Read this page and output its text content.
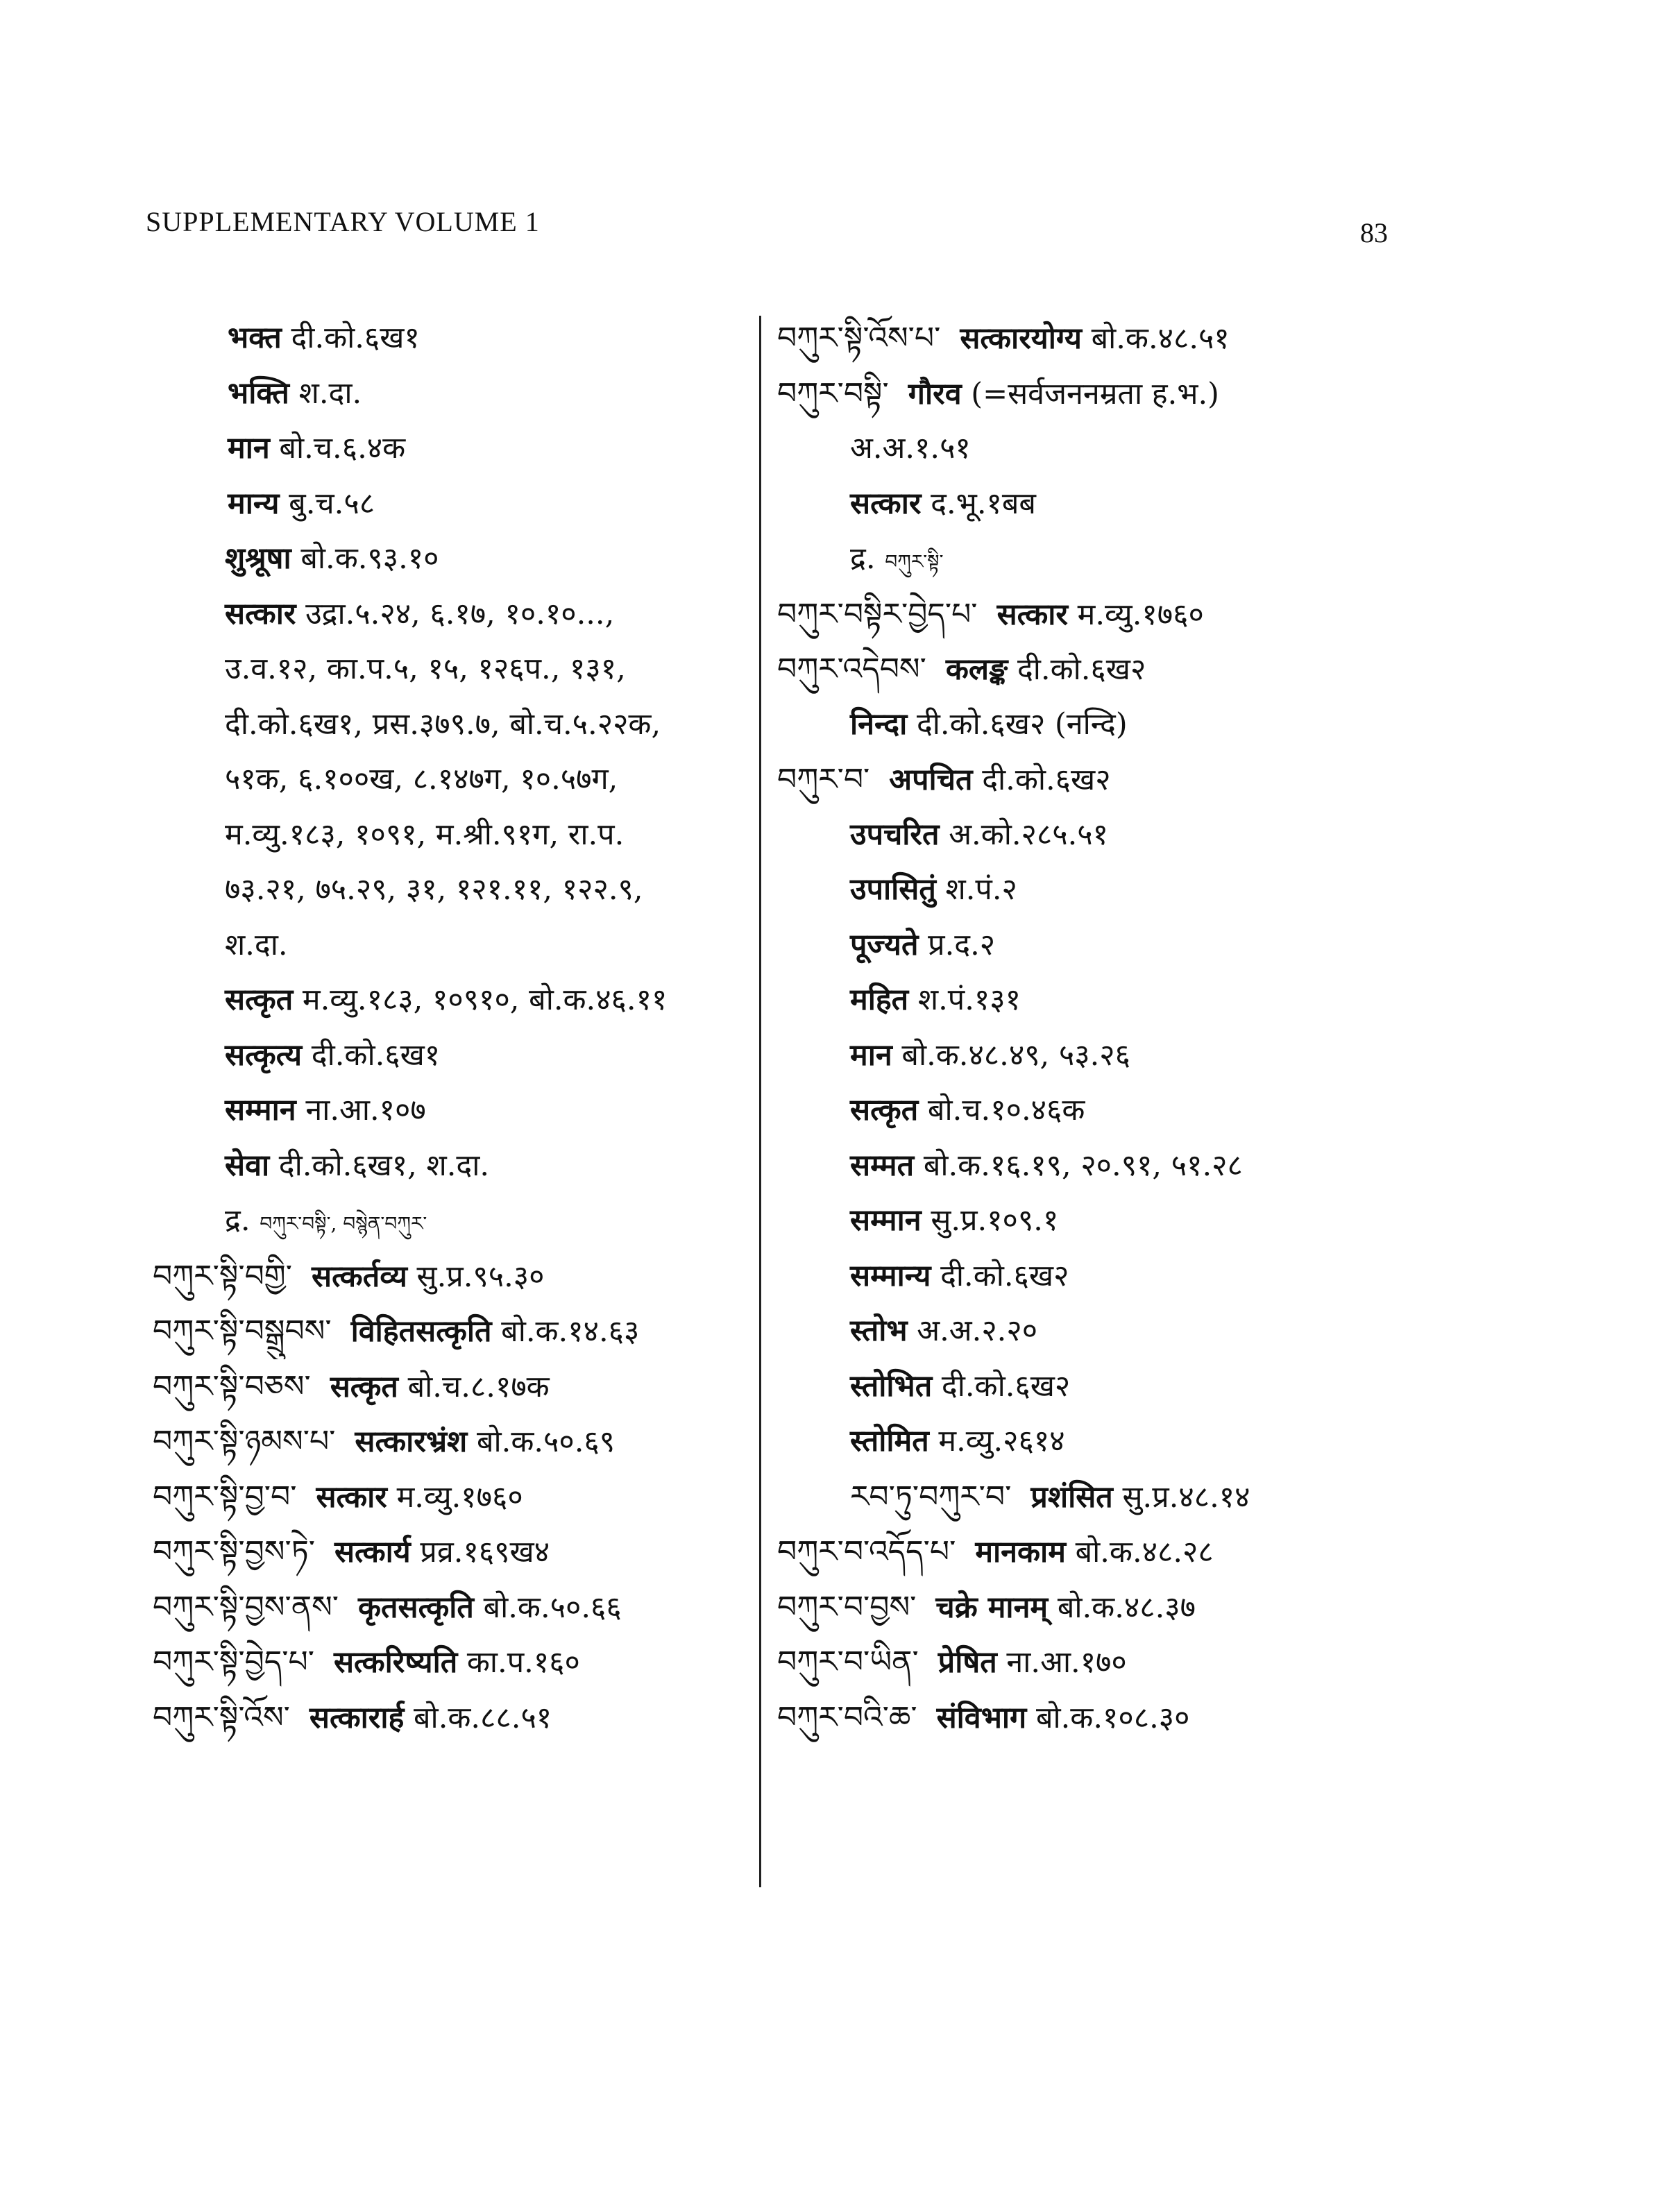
SUPPLEMENTARY VOLUME 1	83
भक्त दी.को.६ख१
भक्ति श.दा.
मान बो.च.६.४क
मान्य बु.च.५८
शुश्रूषा बो.क.९३.१०
सत्कार उद्रा.५.२४, ६.१७, १०.१०...,
उ.व.१२, का.प.५, १५, १२६प., १३१,
दी.को.६ख१, प्रस.३७९.७, बो.च.५.२२क,
५१क, ६.१००ख, ८.१४७ग, १०.५७ग,
म.व्यु.१८३, १०९१, म.श्री.९१ग, रा.प.
७३.२१, ७५.२९, ३१, १२१.११, १२२.९,
श.दा.
सत्कृत म.व्यु.१८३, १०९१०, बो.क.४६.११
सत्कृत्य दी.को.६ख१
सम्मान ना.आ.१०७
सेवा दी.को.६ख१, श.दा.
द्र. བཀུར་བསྟི་, བསྙེན་བཀུར་
བཀུར་སྟི་བགྱི་ सत्कर्तव्य सु.प्र.९५.३०
བཀུར་སྟི་བསྒྲུབས་ विहितसत्कृति बो.क.१४.६३
བཀུར་སྟི་བཅས་ सत्कृत बो.च.८.१७क
བཀུར་སྟི་ཉམས་པ་ सत्कारभ्रंश बो.क.५०.६९
བཀུར་སྟི་བྱ་བ་ सत्कार म.व्यु.१७६०
བཀུར་སྟི་བྱས་ཏེ་ सत्कार्य प्रव्र.१६९ख४
བཀུར་སྟི་བྱས་ནས་ कृतसत्कृति बो.क.५०.६६
བཀུར་སྟི་བྱེད་པ་ सत्करिष्यति का.प.१६०
བཀུར་སྟི་འོས་ सत्कारार्ह बो.क.८८.५१
བཀུར་སྟི་འོས་པ་ सत्कारयोग्य बो.क.४८.५१
བཀུར་བསྟི་ गौरव (=सर्वजननम्रता ह.भ.)
अ.अ.१.५१
सत्कार द.भू.१बब
द्र. བཀུར་སྟི་
བཀུར་བསྟིར་བྱེད་པ་ सत्कार म.व्यु.१७६०
བཀུར་འདེབས་ कलङ्क दी.को.६ख२
निन्दा दी.को.६ख२ (नन्दि)
བཀུར་བ་ अपचित दी.को.६ख२
उपचरित अ.को.२८५.५१
उपासितुं श.पं.२
पूज्यते प्र.द.२
महित श.पं.१३१
मान बो.क.४८.४९, ५३.२६
सत्कृत बो.च.१०.४६क
सम्मत बो.क.१६.१९, २०.९१, ५१.२८
सम्मान सु.प्र.१०९.१
सम्मान्य दी.को.६ख२
स्तोभ अ.अ.२.२०
स्तोभित दी.को.६ख२
स्तोमित म.व्यु.२६१४
རབ་ཏུ་བཀུར་བ་ प्रशंसित सु.प्र.४८.१४
བཀུར་བ་འདོད་པ་ मानकाम बो.क.४८.२८
བཀུར་བ་བྱས་ चक्रे मानम् बो.क.४८.३७
བཀུར་བ་ཡིན་ प्रेषित ना.आ.१७०
བཀུར་བའི་ཆ་ संविभाग बो.क.१०८.३०
